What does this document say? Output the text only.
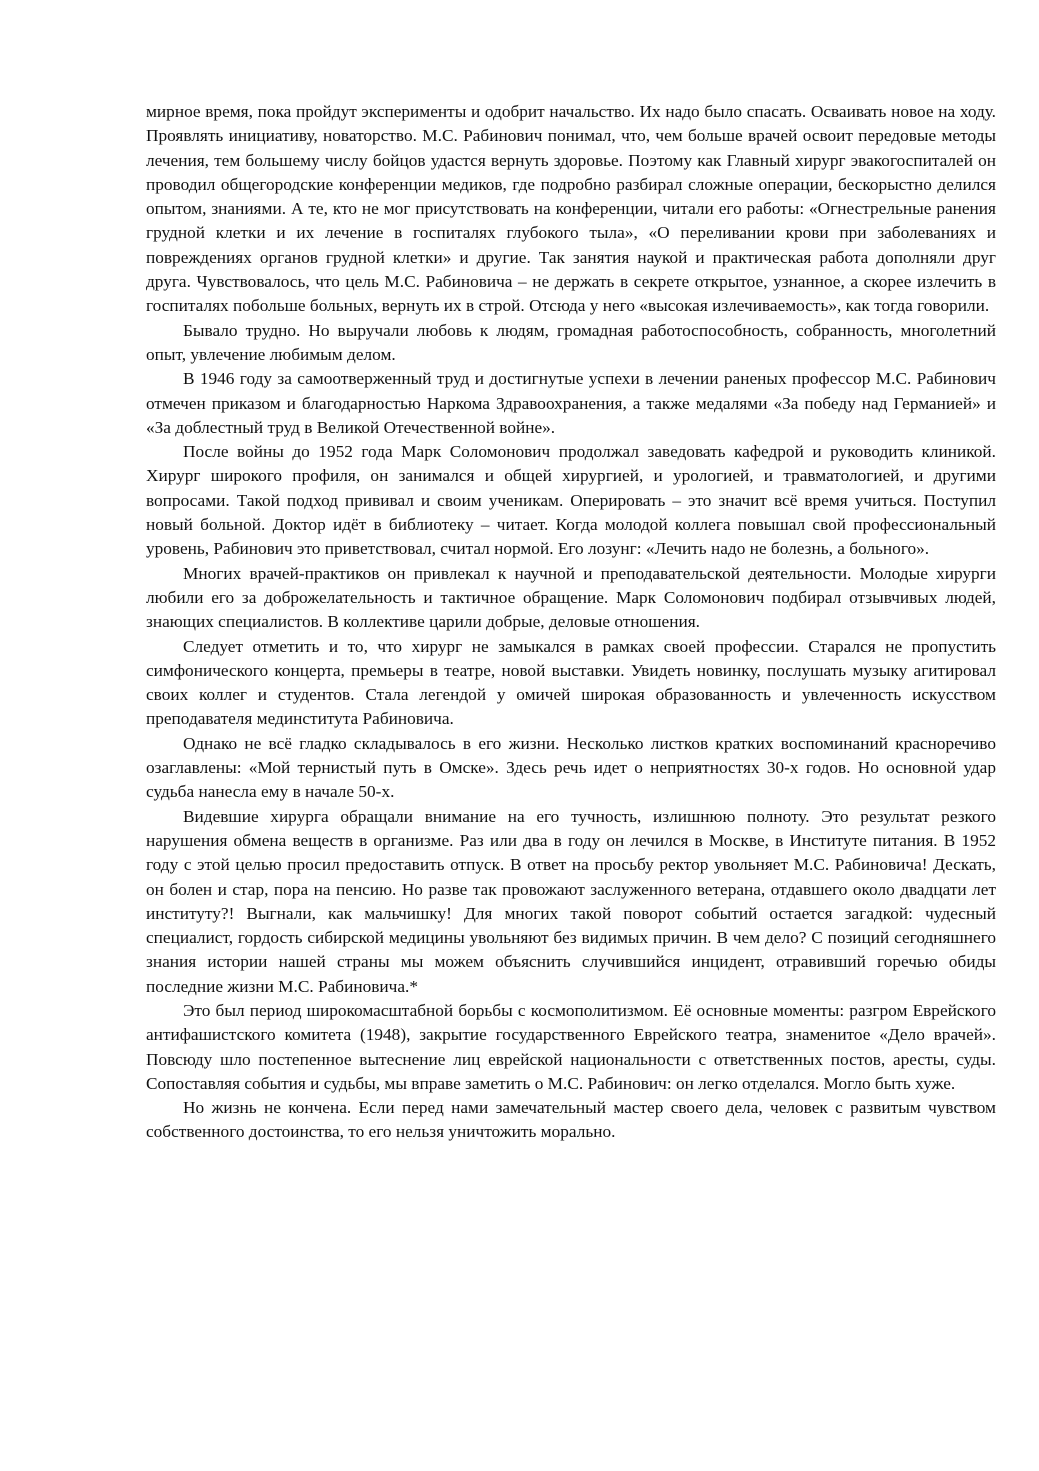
мирное время, пока пройдут эксперименты и одобрит начальство. Их надо было спасать. Осваивать новое на ходу. Проявлять инициативу, новаторство. М.С. Рабинович понимал, что, чем больше врачей освоит передовые методы лечения, тем большему числу бойцов удастся вернуть здоровье. Поэтому как Главный хирург эвакогоспиталей он проводил общегородские конференции медиков, где подробно разбирал сложные операции, бескорыстно делился опытом, знаниями. А те, кто не мог присутствовать на конференции, читали его работы: «Огнестрельные ранения грудной клетки и их лечение в госпиталях глубокого тыла», «О переливании крови при заболеваниях и повреждениях органов грудной клетки» и другие. Так занятия наукой и практическая работа дополняли друг друга. Чувствовалось, что цель М.С. Рабиновича – не держать в секрете открытое, узнанное, а скорее излечить в госпиталях побольше больных, вернуть их в строй. Отсюда у него «высокая излечиваемость», как тогда говорили.

Бывало трудно. Но выручали любовь к людям, громадная работоспособность, собранность, многолетний опыт, увлечение любимым делом.

В 1946 году за самоотверженный труд и достигнутые успехи в лечении раненых профессор М.С. Рабинович отмечен приказом и благодарностью Наркома Здравоохранения, а также медалями «За победу над Германией» и «За доблестный труд в Великой Отечественной войне».

После войны до 1952 года Марк Соломонович продолжал заведовать кафедрой и руководить клиникой. Хирург широкого профиля, он занимался и общей хирургией, и урологией, и травматологией, и другими вопросами. Такой подход прививал и своим ученикам. Оперировать – это значит всё время учиться. Поступил новый больной. Доктор идёт в библиотеку – читает. Когда молодой коллега повышал свой профессиональный уровень, Рабинович это приветствовал, считал нормой. Его лозунг: «Лечить надо не болезнь, а больного».

Многих врачей-практиков он привлекал к научной и преподавательской деятельности. Молодые хирурги любили его за доброжелательность и тактичное обращение. Марк Соломонович подбирал отзывчивых людей, знающих специалистов. В коллективе царили добрые, деловые отношения.

Следует отметить и то, что хирург не замыкался в рамках своей профессии. Старался не пропустить симфонического концерта, премьеры в театре, новой выставки. Увидеть новинку, послушать музыку агитировал своих коллег и студентов. Стала легендой у омичей широкая образованность и увлеченность искусством преподавателя мединститута Рабиновича.

Однако не всё гладко складывалось в его жизни. Несколько листков кратких воспоминаний красноречиво озаглавлены: «Мой тернистый путь в Омске». Здесь речь идет о неприятностях 30-х годов. Но основной удар судьба нанесла ему в начале 50-х.

Видевшие хирурга обращали внимание на его тучность, излишнюю полноту. Это результат резкого нарушения обмена веществ в организме. Раз или два в году он лечился в Москве, в Институте питания. В 1952 году с этой целью просил предоставить отпуск. В ответ на просьбу ректор увольняет М.С. Рабиновича! Дескать, он болен и стар, пора на пенсию. Но разве так провожают заслуженного ветерана, отдавшего около двадцати лет институту?! Выгнали, как мальчишку! Для многих такой поворот событий остается загадкой: чудесный специалист, гордость сибирской медицины увольняют без видимых причин. В чем дело? С позиций сегодняшнего знания истории нашей страны мы можем объяснить случившийся инцидент, отравивший горечью обиды последние жизни М.С. Рабиновича.*

Это был период широкомасштабной борьбы с космополитизмом. Её основные моменты: разгром Еврейского антифашистского комитета (1948), закрытие государственного Еврейского театра, знаменитое «Дело врачей». Повсюду шло постепенное вытеснение лиц еврейской национальности с ответственных постов, аресты, суды. Сопоставляя события и судьбы, мы вправе заметить о М.С. Рабинович: он легко отделался. Могло быть хуже.

Но жизнь не кончена. Если перед нами замечательный мастер своего дела, человек с развитым чувством собственного достоинства, то его нельзя уничтожить морально.
